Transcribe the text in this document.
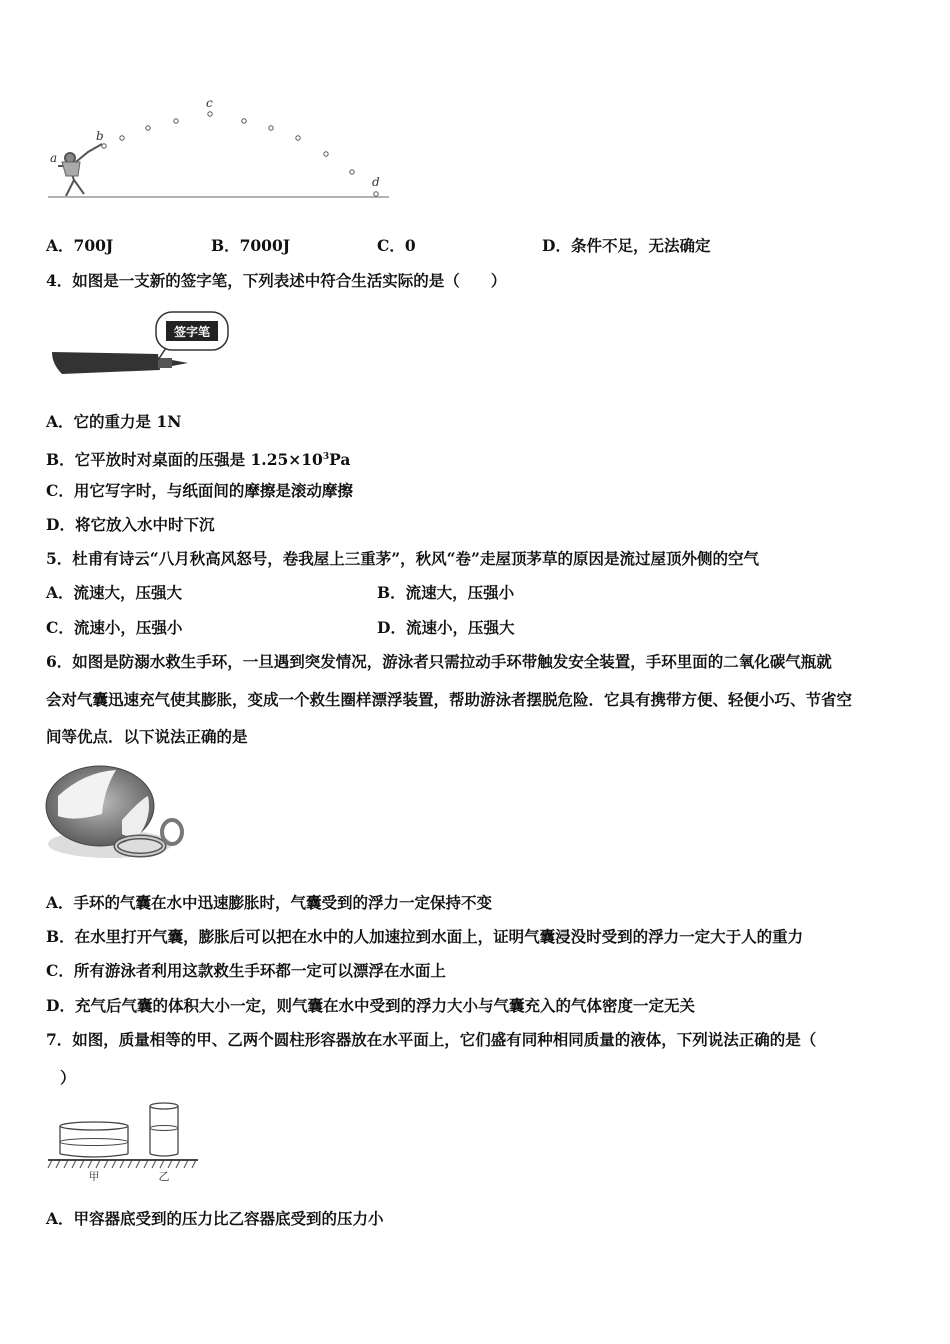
a
b
c
d
A．700J	B．7000J	C．0	D．条件不足，无法确定
4．如图是一支新的签字笔，下列表述中符合生活实际的是（　　）
签字笔
A．它的重力是 1N
B．它平放时对桌面的压强是 $1.25\times 10^3Pa$
C．用它写字时，与纸面间的摩擦是滚动摩擦
D．将它放入水中时下沉
5．杜甫有诗云“八月秋高风怒号，卷我屋上三重茅”，秋风“卷”走屋顶茅草的原因是流过屋顶外侧的空气
A．流速大，压强大	B．流速大，压强小
C．流速小，压强小	D．流速小，压强大
6．如图是防溺水救生手环，一旦遇到突发情况，游泳者只需拉动手环带触发安全装置，手环里面的二氧化碳气瓶就
会对气囊迅速充气使其膨胀，变成一个救生圈样漂浮装置，帮助游泳者摆脱危险．它具有携带方便、轻便小巧、节省空
间等优点．以下说法正确的是
A．手环的气囊在水中迅速膨胀时，气囊受到的浮力一定保持不变
B．在水里打开气囊，膨胀后可以把在水中的人加速拉到水面上，证明气囊浸没时受到的浮力一定大于人的重力
C．所有游泳者利用这款救生手环都一定可以漂浮在水面上
D．充气后气囊的体积大小一定，则气囊在水中受到的浮力大小与气囊充入的气体密度一定无关
7．如图，质量相等的甲、乙两个圆柱形容器放在水平面上，它们盛有同种相同质量的液体，下列说法正确的是（
）
甲	乙
A．甲容器底受到的压力比乙容器底受到的压力小
